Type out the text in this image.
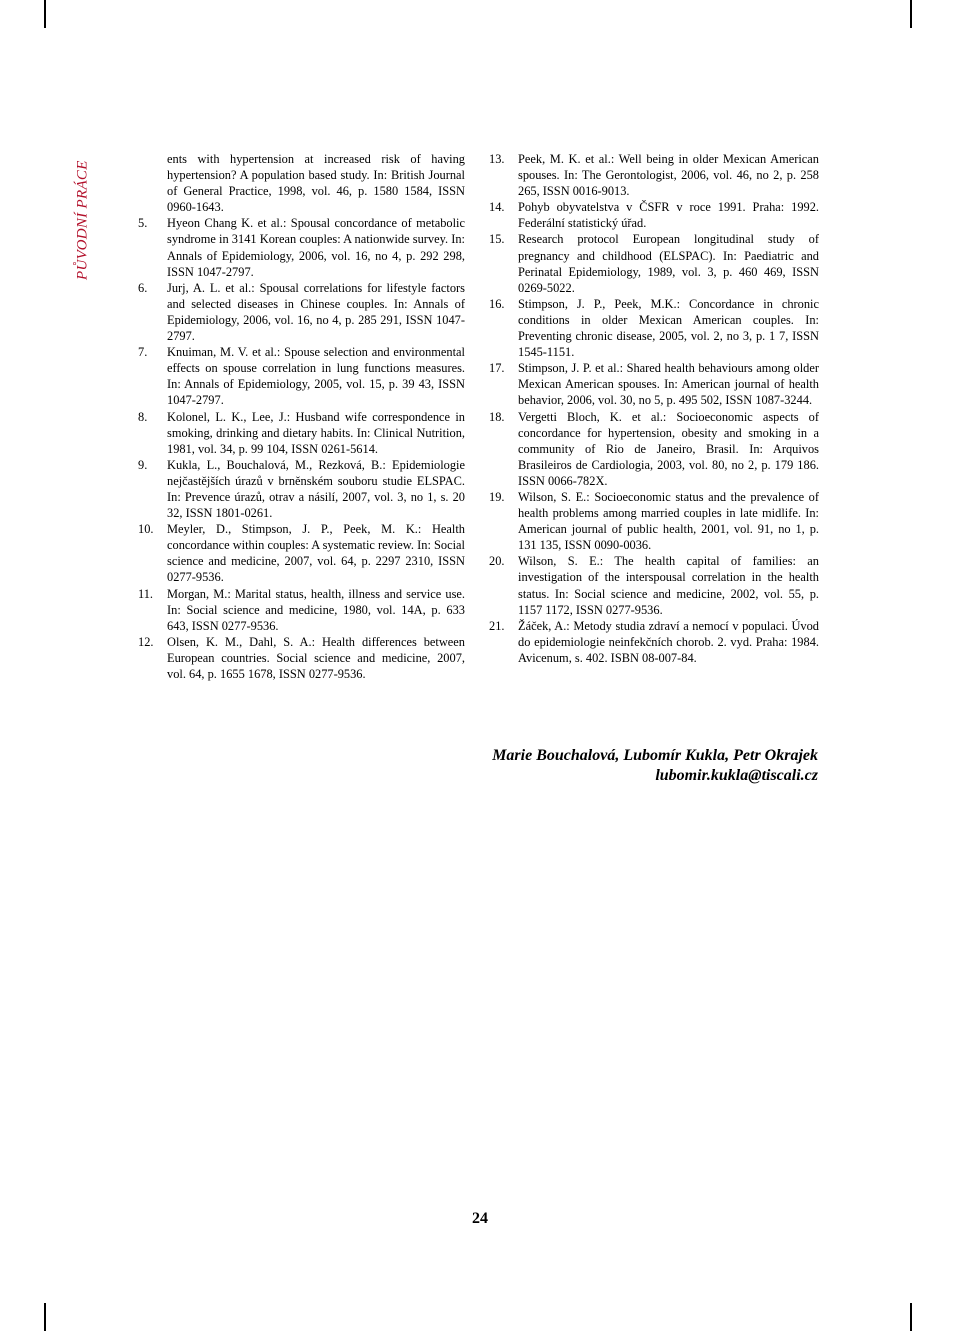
PŮVODNÍ PRÁCE
ents with hypertension at increased risk of having hypertension? A population based study. In: British Journal of General Practice, 1998, vol. 46, p. 1580 1584, ISSN 0960-1643.
5. Hyeon Chang K. et al.: Spousal concordance of metabolic syndrome in 3141 Korean couples: A nationwide survey. In: Annals of Epidemiology, 2006, vol. 16, no 4, p. 292 298, ISSN 1047-2797.
6. Jurj, A. L. et al.: Spousal correlations for lifestyle factors and selected diseases in Chinese couples. In: Annals of Epidemiology, 2006, vol. 16, no 4, p. 285 291, ISSN 1047-2797.
7. Knuiman, M. V. et al.: Spouse selection and environmental effects on spouse correlation in lung functions measures. In: Annals of Epidemiology, 2005, vol. 15, p. 39 43, ISSN 1047-2797.
8. Kolonel, L. K., Lee, J.: Husband wife correspondence in smoking, drinking and dietary habits. In: Clinical Nutrition, 1981, vol. 34, p. 99 104, ISSN 0261-5614.
9. Kukla, L., Bouchalová, M., Rezková, B.: Epidemiologie nejčastějších úrazů v brněnském souboru studie ELSPAC. In: Prevence úrazů, otrav a násilí, 2007, vol. 3, no 1, s. 20 32, ISSN 1801-0261.
10. Meyler, D., Stimpson, J. P., Peek, M. K.: Health concordance within couples: A systematic review. In: Social science and medicine, 2007, vol. 64, p. 2297 2310, ISSN 0277-9536.
11. Morgan, M.: Marital status, health, illness and service use. In: Social science and medicine, 1980, vol. 14A, p. 633 643, ISSN 0277-9536.
12. Olsen, K. M., Dahl, S. A.: Health differences between European countries. Social science and medicine, 2007, vol. 64, p. 1655 1678, ISSN 0277-9536.
13. Peek, M. K. et al.: Well being in older Mexican American spouses. In: The Gerontologist, 2006, vol. 46, no 2, p. 258 265, ISSN 0016-9013.
14. Pohyb obyvatelstva v ČSFR v roce 1991. Praha: 1992. Federální statistický úřad.
15. Research protocol European longitudinal study of pregnancy and childhood (ELSPAC). In: Paediatric and Perinatal Epidemiology, 1989, vol. 3, p. 460 469, ISSN 0269-5022.
16. Stimpson, J. P., Peek, M.K.: Concordance in chronic conditions in older Mexican American couples. In: Preventing chronic disease, 2005, vol. 2, no 3, p. 1 7, ISSN 1545-1151.
17. Stimpson, J. P. et al.: Shared health behaviours among older Mexican American spouses. In: American journal of health behavior, 2006, vol. 30, no 5, p. 495 502, ISSN 1087-3244.
18. Vergetti Bloch, K. et al.: Socioeconomic aspects of concordance for hypertension, obesity and smoking in a community of Rio de Janeiro, Brasil. In: Arquivos Brasileiros de Cardiologia, 2003, vol. 80, no 2, p. 179 186. ISSN 0066-782X.
19. Wilson, S. E.: Socioeconomic status and the prevalence of health problems among married couples in late midlife. In: American journal of public health, 2001, vol. 91, no 1, p. 131 135, ISSN 0090-0036.
20. Wilson, S. E.: The health capital of families: an investigation of the interspousal correlation in the health status. In: Social science and medicine, 2002, vol. 55, p. 1157 1172, ISSN 0277-9536.
21. Žáček, A.: Metody studia zdraví a nemocí v populaci. Úvod do epidemiologie neinfekčních chorob. 2. vyd. Praha: 1984. Avicenum, s. 402. ISBN 08-007-84.
Marie Bouchalová, Lubomír Kukla, Petr Okrajek
lubomir.kukla@tiscali.cz
24
